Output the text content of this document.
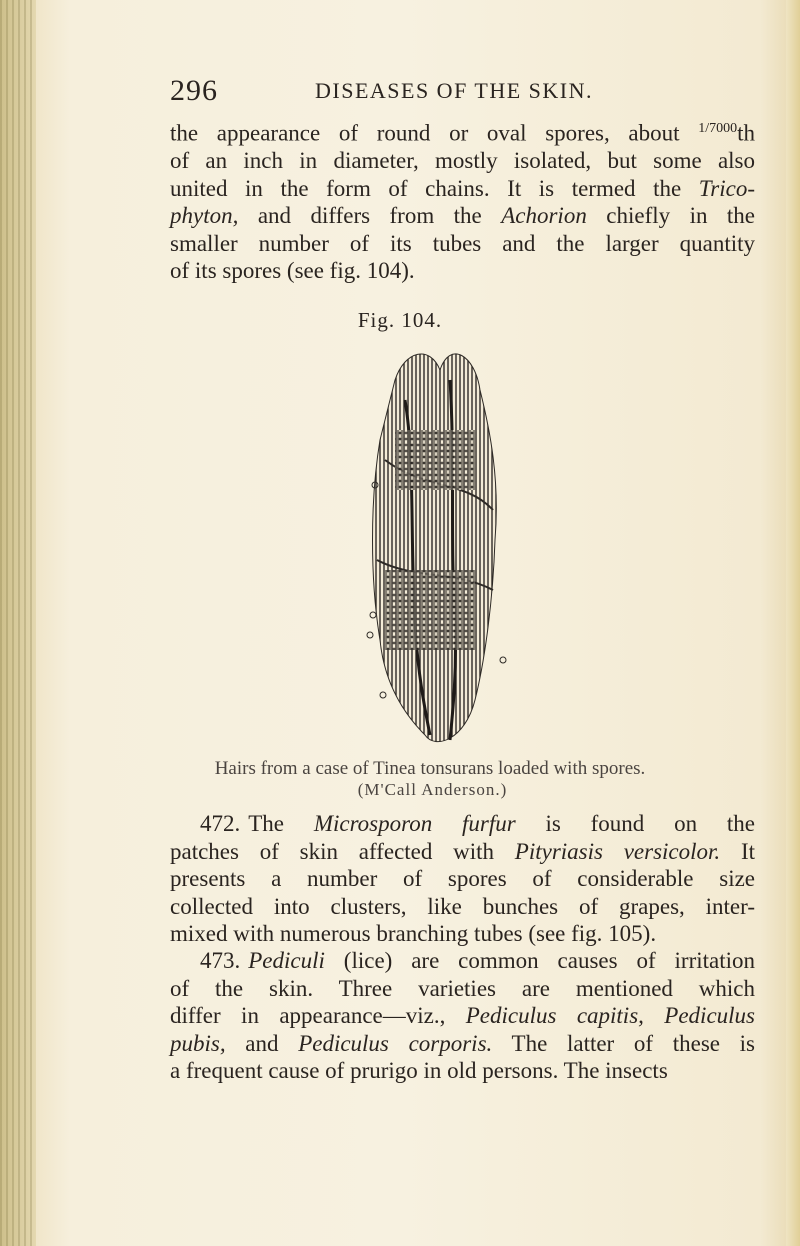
296	DISEASES OF THE SKIN.
the appearance of round or oval spores, about $^{1/7000}$th
of an inch in diameter, mostly isolated, but some also
united in the form of chains. It is termed the Trico-
phyton, and differs from the Achorion chiefly in the
smaller number of its tubes and the larger quantity
of its spores (see fig. 104).
Fig. 104.
Hairs from a case of Tinea tonsurans loaded with spores.
(M'Call Anderson.)
472. The Microsporon furfur is found on the
patches of skin affected with Pityriasis versicolor. It
presents a number of spores of considerable size
collected into clusters, like bunches of grapes, inter-
mixed with numerous branching tubes (see fig. 105).
473. Pediculi (lice) are common causes of irritation
of the skin. Three varieties are mentioned which
differ in appearance—viz., Pediculus capitis, Pediculus
pubis, and Pediculus corporis. The latter of these is
a frequent cause of prurigo in old persons. The insects
